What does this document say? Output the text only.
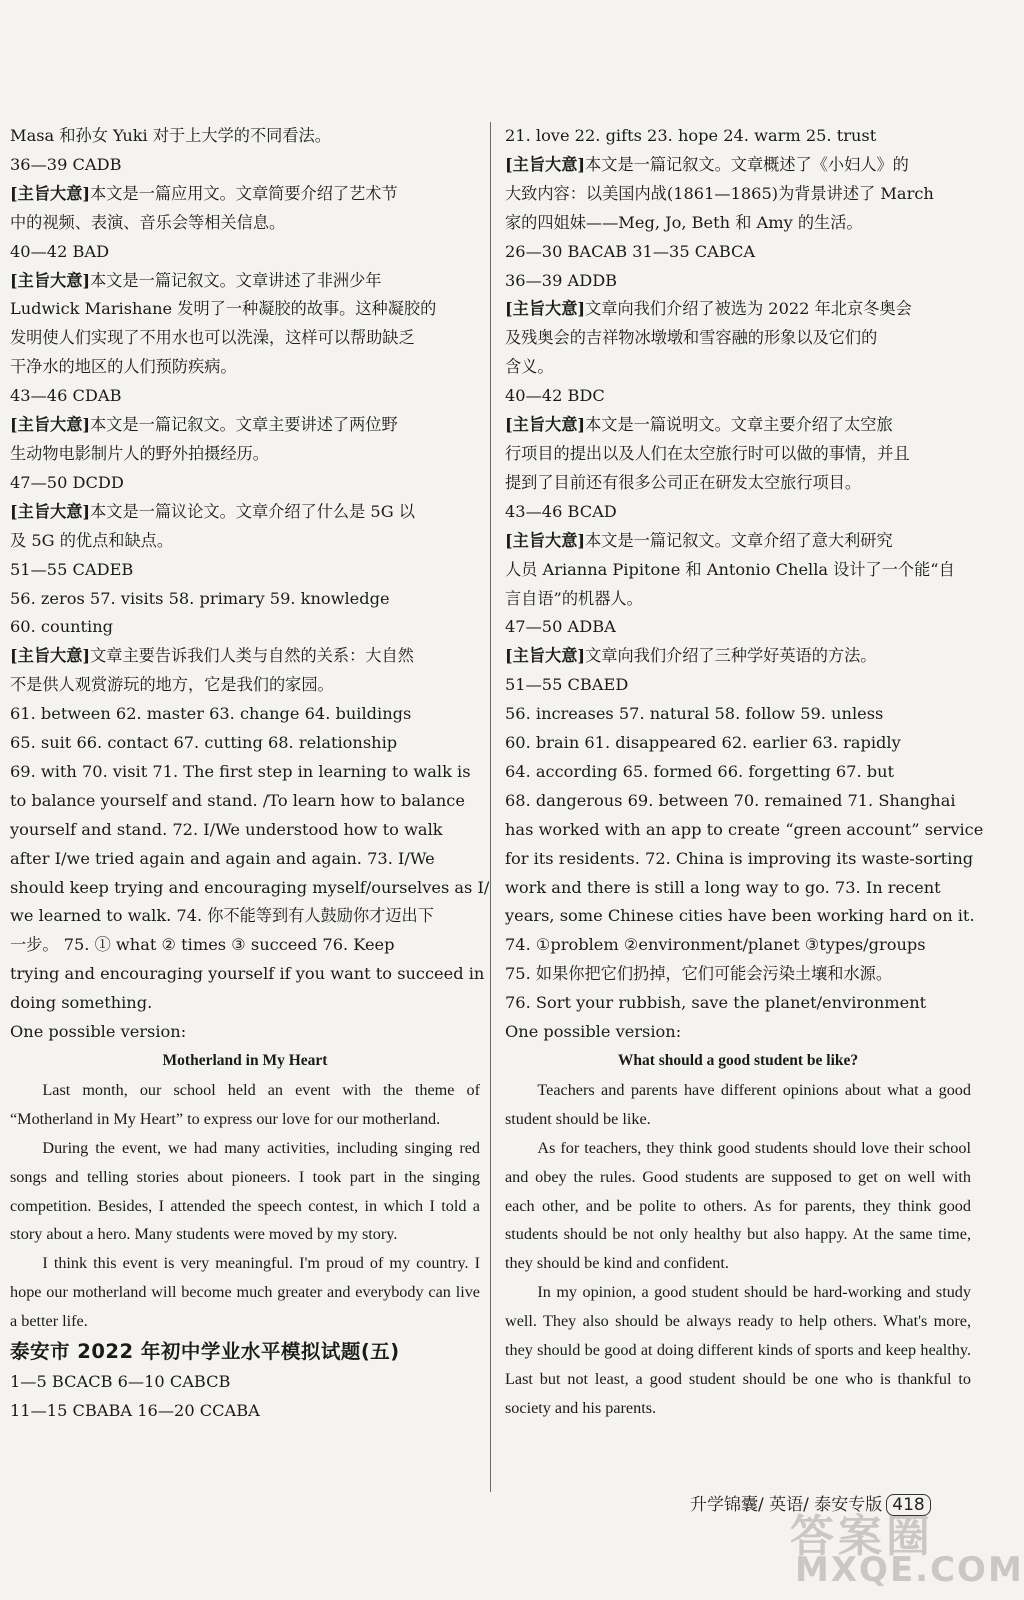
Masa 和孙女 Yuki 对于上大学的不同看法。
36—39 CADB
[主旨大意]本文是一篇应用文。文章简要介绍了艺术节
中的视频、表演、音乐会等相关信息。
40—42 BAD
[主旨大意]本文是一篇记叙文。文章讲述了非洲少年
Ludwick Marishane 发明了一种凝胶的故事。这种凝胶的
发明使人们实现了不用水也可以洗澡，这样可以帮助缺乏
干净水的地区的人们预防疾病。
43—46 CDAB
[主旨大意]本文是一篇记叙文。文章主要讲述了两位野
生动物电影制片人的野外拍摄经历。
47—50 DCDD
[主旨大意]本文是一篇议论文。文章介绍了什么是 5G 以
及 5G 的优点和缺点。
51—55 CADEB
56. zeros 57. visits 58. primary 59. knowledge
60. counting
[主旨大意]文章主要告诉我们人类与自然的关系：大自然
不是供人观赏游玩的地方，它是我们的家园。
61. between 62. master 63. change 64. buildings
65. suit 66. contact 67. cutting 68. relationship
69. with 70. visit 71. The first step in learning to walk is
to balance yourself and stand. /To learn how to balance
yourself and stand. 72. I/We understood how to walk
after I/we tried again and again and again. 73. I/We
should keep trying and encouraging myself/ourselves as I/
we learned to walk. 74. 你不能等到有人鼓励你才迈出下
一步。 75. ① what ② times ③ succeed 76. Keep
trying and encouraging yourself if you want to succeed in
doing something.
One possible version:
Motherland in My Heart
Last month, our school held an event with the theme of “Motherland in My Heart” to express our love for our motherland.
During the event, we had many activities, including singing red songs and telling stories about pioneers. I took part in the singing competition. Besides, I attended the speech contest, in which I told a story about a hero. Many students were moved by my story.
I think this event is very meaningful. I'm proud of my country. I hope our motherland will become much greater and everybody can live a better life.
泰安市 2022 年初中学业水平模拟试题(五)
1—5 BCACB 6—10 CABCB
11—15 CBABA 16—20 CCABA
21. love 22. gifts 23. hope 24. warm 25. trust
[主旨大意]本文是一篇记叙文。文章概述了《小妇人》的
大致内容：以美国内战(1861—1865)为背景讲述了 March
家的四姐妹——Meg, Jo, Beth 和 Amy 的生活。
26—30 BACAB 31—35 CABCA
36—39 ADDB
[主旨大意]文章向我们介绍了被选为 2022 年北京冬奥会
及残奥会的吉祥物冰墩墩和雪容融的形象以及它们的
含义。
40—42 BDC
[主旨大意]本文是一篇说明文。文章主要介绍了太空旅
行项目的提出以及人们在太空旅行时可以做的事情，并且
提到了目前还有很多公司正在研发太空旅行项目。
43—46 BCAD
[主旨大意]本文是一篇记叙文。文章介绍了意大利研究
人员 Arianna Pipitone 和 Antonio Chella 设计了一个能“自
言自语”的机器人。
47—50 ADBA
[主旨大意]文章向我们介绍了三种学好英语的方法。
51—55 CBAED
56. increases 57. natural 58. follow 59. unless
60. brain 61. disappeared 62. earlier 63. rapidly
64. according 65. formed 66. forgetting 67. but
68. dangerous 69. between 70. remained 71. Shanghai
has worked with an app to create “green account” service
for its residents. 72. China is improving its waste-sorting
work and there is still a long way to go. 73. In recent
years, some Chinese cities have been working hard on it.
74. ①problem ②environment/planet ③types/groups
75. 如果你把它们扔掉，它们可能会污染土壤和水源。
76. Sort your rubbish, save the planet/environment
One possible version:
What should a good student be like?
Teachers and parents have different opinions about what a good student should be like.
As for teachers, they think good students should love their school and obey the rules. Good students are supposed to get on well with each other, and be polite to others. As for parents, they think good students should be not only healthy but also happy. At the same time, they should be kind and confident.
In my opinion, a good student should be hard-working and study well. They also should be always ready to help others. What's more, they should be good at doing different kinds of sports and keep healthy. Last but not least, a good student should be one who is thankful to society and his parents.
升学锦囊/ 英语/ 泰安专版 418
答案圈
MXQE.COM
